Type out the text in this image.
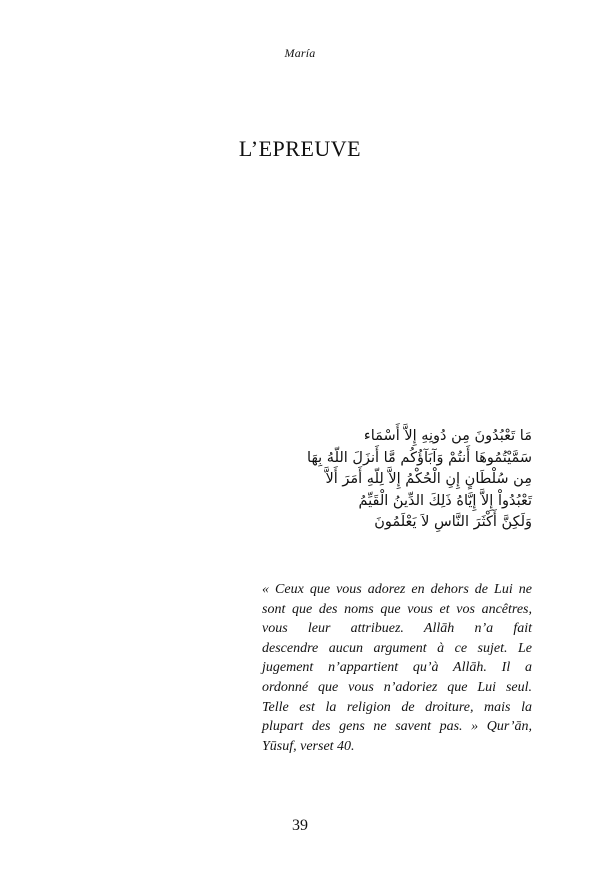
María
L’EPREUVE
مَا تَعْبُدُونَ مِن دُونِهِ إِلاَّ أَسْمَاء
سَمَّيْتُمُوهَا أَنتُمْ وَآبَآؤُكُم مَّا أَنزَلَ اللّهُ بِهَا
مِن سُلْطَانٍ إِنِ الْحُكْمُ إِلاَّ لِلّهِ أَمَرَ أَلاَّ
تَعْبُدُواْ إِلاَّ إِيَّاهُ ذَلِكَ الدِّينُ الْقَيِّمُ
وَلَكِنَّ أَكْثَرَ النَّاسِ لاَ يَعْلَمُونَ
« Ceux que vous adorez en dehors de Lui ne
sont que des noms que vous et vos ancêtres,
vous leur attribuez. Allāh n’a fait
descendre aucun argument à ce sujet. Le
jugement n’appartient qu’à Allāh. Il a
ordonné que vous n’adoriez que Lui seul.
Telle est la religion de droiture, mais la
plupart des gens ne savent pas. » Qur’ān,
Yūsuf, verset 40.
39
